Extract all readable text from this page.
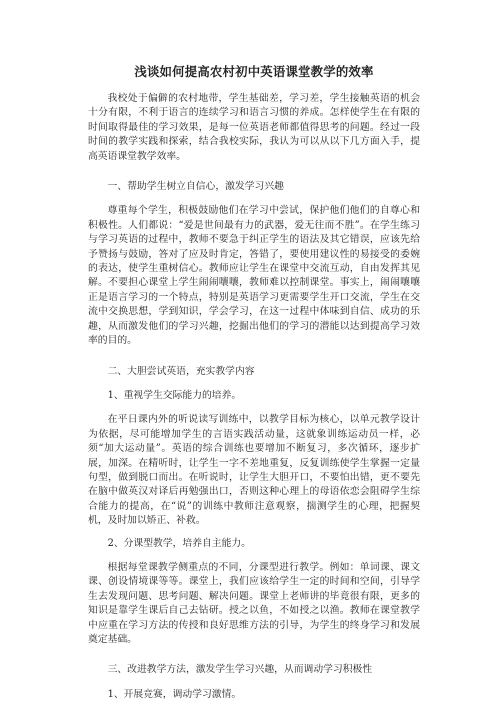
浅谈如何提高农村初中英语课堂教学的效率

我校处于偏僻的农村地带，学生基础差，学习差，学生接触英语的机会十分有限，不利于语言的连续学习和语言习惯的养成。怎样使学生在有限的时间取得最佳的学习效果，是每一位英语老师都值得思考的问题。经过一段时间的教学实践和探索，结合我校实际，我认为可以从以下几方面入手，提高英语课堂教学效率。

一、帮助学生树立自信心，激发学习兴趣

尊重每个学生，积极鼓励他们在学习中尝试，保护他们他们的自尊心和积极性。人们都说：“爱是世间最有力的武器，爱无往而不胜”。在学生练习与学习英语的过程中，教师不要急于纠正学生的语法及其它错误，应该先给予赞扬与鼓励，答对了应及时肯定，答错了，要使用建议性的易接受的委婉的表达，使学生重树信心。教师应让学生在课堂中交流互动，自由发挥其见解。不要担心课堂上学生闹闹嚷嚷，教师难以控制课堂。事实上，闹闹嚷嚷正是语言学习的一个特点，特别是英语学习更需要学生开口交流，学生在交流中交换思想，学到知识，学会学习，在这一过程中体味到自信、成功的乐趣，从而激发他们的学习兴趣，挖掘出他们的学习的潜能以达到提高学习效率的目的。

二、大胆尝试英语，充实教学内容

1、重视学生交际能力的培养。

在平日课内外的听说读写训练中，以教学目标为核心，以单元教学设计为依据，尽可能增加学生的言语实践活动量，这就象训练运动员一样，必须“加大运动量”。英语的综合训练也要增加不断复习，多次循环，逐步扩展，加深。在精听时，让学生一字不差地重复，反复训练使学生掌握一定量句型，做到脱口而出。在听说时，让学生大胆开口，不要怕出错，更不要先在脑中做英汉对译后再勉强出口，否则这种心理上的母语依恋会阻碍学生综合能力的提高，在“说”的训练中教师注意观察，揣测学生的心理，把握契机，及时加以矫正、补救。

2、分课型教学，培养自主能力。

根据每堂课教学侧重点的不同，分课型进行教学。例如：单词课、课文课、创设情境课等等。课堂上，我们应该给学生一定的时间和空间，引导学生去发现问题、思考问题、解决问题。课堂上老师讲的毕竟很有限，更多的知识是靠学生课后自己去钻研。授之以鱼，不如授之以渔。教师在课堂教学中应重在学习方法的传授和良好思维方法的引导，为学生的终身学习和发展奠定基础。

三、改进教学方法，激发学生学习兴趣，从而调动学习积极性

1、开展竞赛，调动学习激情。
